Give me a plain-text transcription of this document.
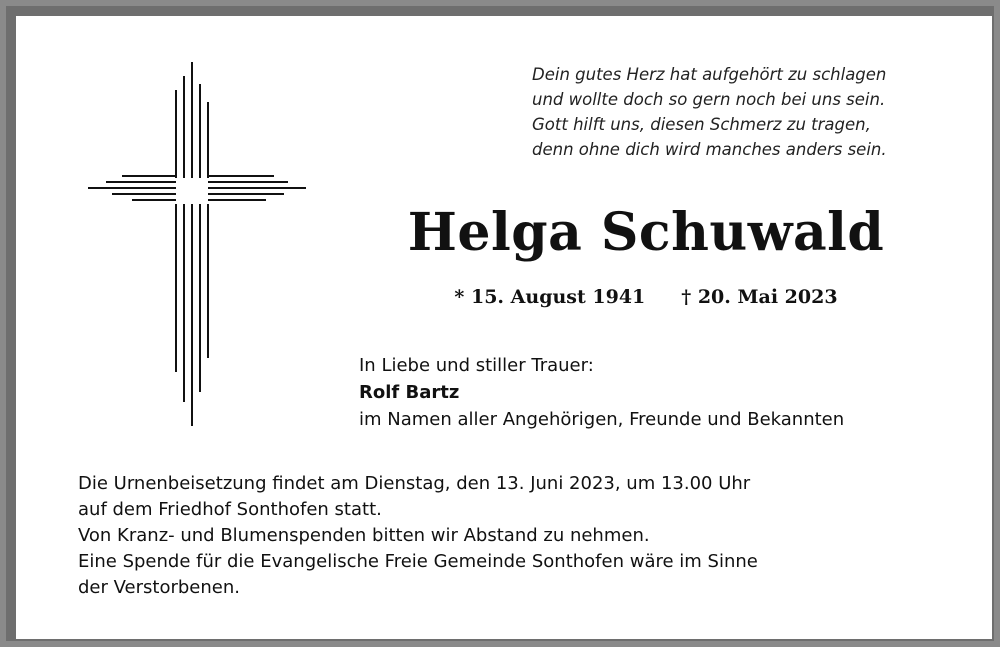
Dein gutes Herz hat aufgehört zu schlagen
und wollte doch so gern noch bei uns sein.
Gott hilft uns, diesen Schmerz zu tragen,
denn ohne dich wird manches anders sein.
Helga Schuwald
* 15. August 1941 † 20. Mai 2023
In Liebe und stiller Trauer:
Rolf Bartz
im Namen aller Angehörigen, Freunde und Bekannten
Die Urnenbeisetzung findet am Dienstag, den 13. Juni 2023, um 13.00 Uhr
auf dem Friedhof Sonthofen statt.
Von Kranz- und Blumenspenden bitten wir Abstand zu nehmen.
Eine Spende für die Evangelische Freie Gemeinde Sonthofen wäre im Sinne
der Verstorbenen.
